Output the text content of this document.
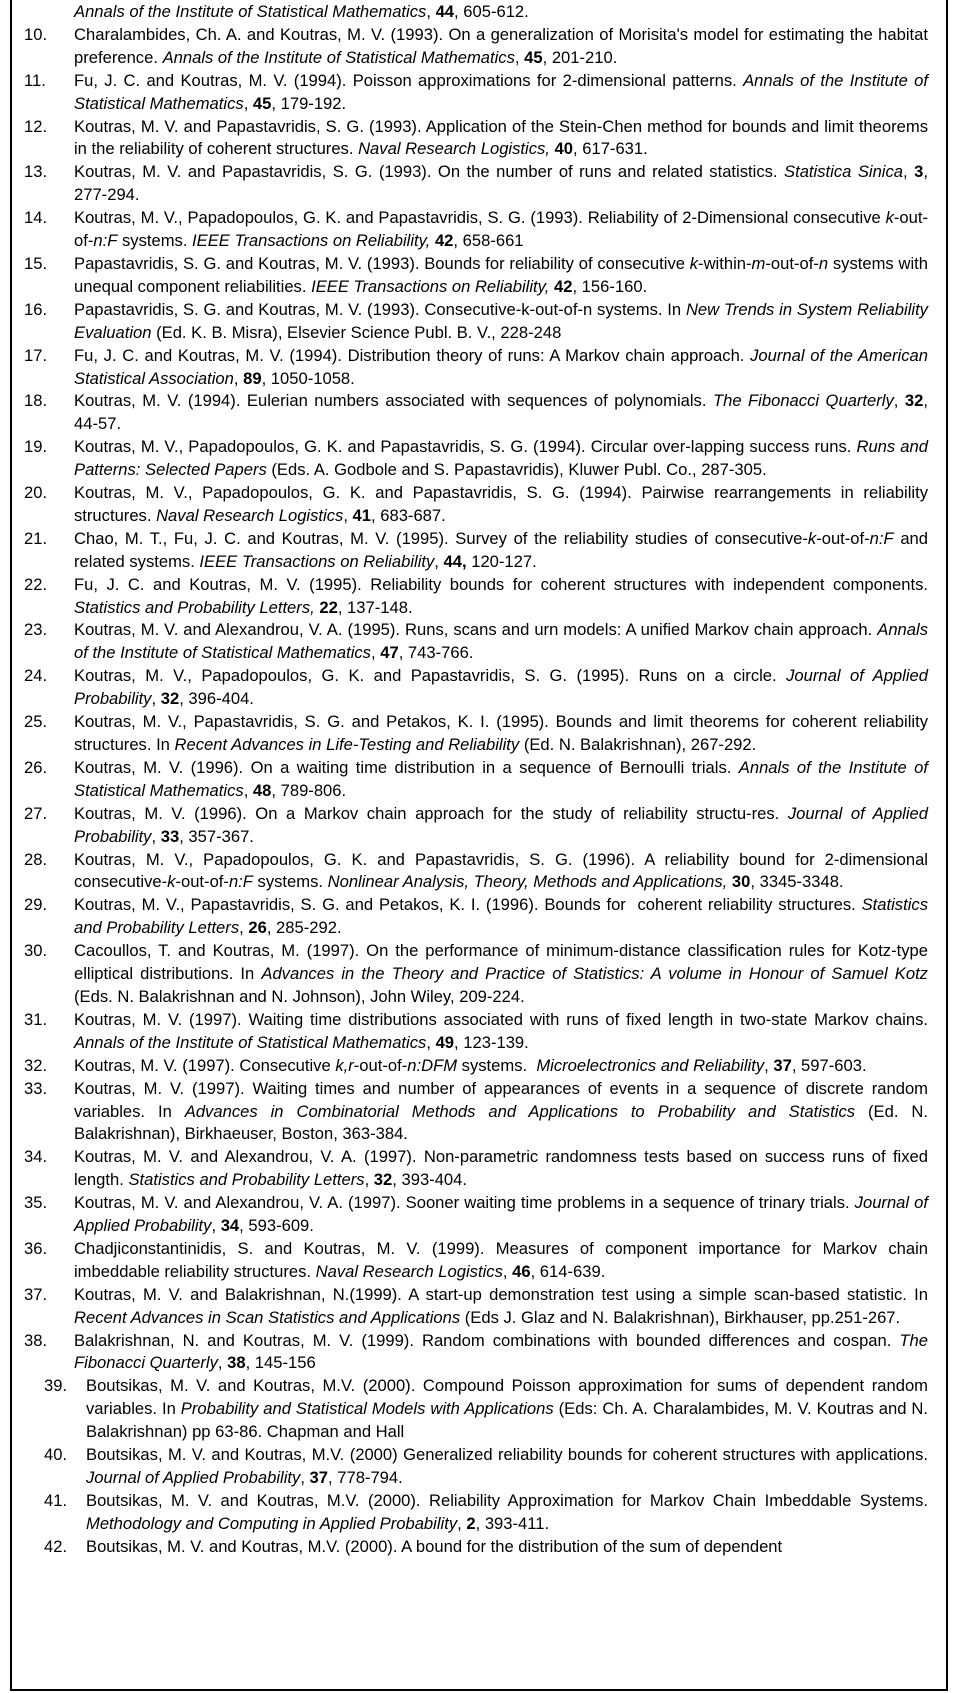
Annals of the Institute of Statistical Mathematics, 44, 605-612.

10. Charalambides, Ch. A. and Koutras, M. V. (1993). On a generalization of Morisita's model for estimating the habitat preference. Annals of the Institute of Statistical Mathematics, 45, 201-210.

11. Fu, J. C. and Koutras, M. V. (1994). Poisson approximations for 2-dimensional patterns. Annals of the Institute of Statistical Mathematics, 45, 179-192.

12. Koutras, M. V. and Papastavridis, S. G. (1993). Application of the Stein-Chen method for bounds and limit theorems in the reliability of coherent structures. Naval Research Logistics, 40, 617-631.

13. Koutras, M. V. and Papastavridis, S. G. (1993). On the number of runs and related statistics. Statistica Sinica, 3, 277-294.

14. Koutras, M. V., Papadopoulos, G. K. and Papastavridis, S. G. (1993). Reliability of 2-Dimensional consecutive k-out-of-n:F systems. IEEE Transactions on Reliability, 42, 658-661

15. Papastavridis, S. G. and Koutras, M. V. (1993). Bounds for reliability of consecutive k-within-m-out-of-n systems with unequal component reliabilities. IEEE Transactions on Reliability, 42, 156-160.

16. Papastavridis, S. G. and Koutras, M. V. (1993). Consecutive-k-out-of-n systems. In New Trends in System Reliability Evaluation (Ed. K. B. Misra), Elsevier Science Publ. B. V., 228-248

17. Fu, J. C. and Koutras, M. V. (1994). Distribution theory of runs: A Markov chain approach. Journal of the American Statistical Association, 89, 1050-1058.

18. Koutras, M. V. (1994). Eulerian numbers associated with sequences of polynomials. The Fibonacci Quarterly, 32, 44-57.

19. Koutras, M. V., Papadopoulos, G. K. and Papastavridis, S. G. (1994). Circular over-lapping success runs. Runs and Patterns: Selected Papers (Eds. A. Godbole and S. Papastavridis), Kluwer Publ. Co., 287-305.

20. Koutras, M. V., Papadopoulos, G. K. and Papastavridis, S. G. (1994). Pairwise rearrangements in reliability structures. Naval Research Logistics, 41, 683-687.

21. Chao, M. T., Fu, J. C. and Koutras, M. V. (1995). Survey of the reliability studies of consecutive-k-out-of-n:F and related systems. IEEE Transactions on Reliability, 44, 120-127.

22. Fu, J. C. and Koutras, M. V. (1995). Reliability bounds for coherent structures with independent components. Statistics and Probability Letters, 22, 137-148.

23. Koutras, M. V. and Alexandrou, V. A. (1995). Runs, scans and urn models: A unified Markov chain approach. Annals of the Institute of Statistical Mathematics, 47, 743-766.

24. Koutras, M. V., Papadopoulos, G. K. and Papastavridis, S. G. (1995). Runs on a circle. Journal of Applied Probability, 32, 396-404.

25. Koutras, M. V., Papastavridis, S. G. and Petakos, K. I. (1995). Bounds and limit theorems for coherent reliability structures. In Recent Advances in Life-Testing and Reliability (Ed. N. Balakrishnan), 267-292.

26. Koutras, M. V. (1996). On a waiting time distribution in a sequence of Bernoulli trials. Annals of the Institute of Statistical Mathematics, 48, 789-806.

27. Koutras, M. V. (1996). On a Markov chain approach for the study of reliability structu-res. Journal of Applied Probability, 33, 357-367.

28. Koutras, M. V., Papadopoulos, G. K. and Papastavridis, S. G. (1996). A reliability bound for 2-dimensional consecutive-k-out-of-n:F systems. Nonlinear Analysis, Theory, Methods and Applications, 30, 3345-3348.

29. Koutras, M. V., Papastavridis, S. G. and Petakos, K. I. (1996). Bounds for  coherent reliability structures. Statistics and Probability Letters, 26, 285-292.

30. Cacoullos, T. and Koutras, M. (1997). On the performance of minimum-distance classification rules for Kotz-type elliptical distributions. In Advances in the Theory and Practice of Statistics: A volume in Honour of Samuel Kotz (Eds. N. Balakrishnan and N. Johnson), John Wiley, 209-224.

31. Koutras, M. V. (1997). Waiting time distributions associated with runs of fixed length in two-state Markov chains. Annals of the Institute of Statistical Mathematics, 49, 123-139.

32. Koutras, M. V. (1997). Consecutive k,r-out-of-n:DFM systems.  Microelectronics and Reliability, 37, 597-603.

33. Koutras, M. V. (1997). Waiting times and number of appearances of events in a sequence of discrete random variables. In Advances in Combinatorial Methods and Applications to Probability and Statistics (Ed. N. Balakrishnan), Birkhaeuser, Boston, 363-384.

34. Koutras, M. V. and Alexandrou, V. A. (1997). Non-parametric randomness tests based on success runs of fixed length. Statistics and Probability Letters, 32, 393-404.

35. Koutras, M. V. and Alexandrou, V. A. (1997). Sooner waiting time problems in a sequence of trinary trials. Journal of Applied Probability, 34, 593-609.

36. Chadjiconstantinidis, S. and Koutras, M. V. (1999). Measures of component importance for Markov chain imbeddable reliability structures. Naval Research Logistics, 46, 614-639.

37. Koutras, M. V. and Balakrishnan, N.(1999). A start-up demonstration test using a simple scan-based statistic. In Recent Advances in Scan Statistics and Applications (Eds J. Glaz and N. Balakrishnan), Birkhauser, pp.251-267.

38. Balakrishnan, N. and Koutras, M. V. (1999). Random combinations with bounded differences and cospan. The Fibonacci Quarterly, 38, 145-156

39. Boutsikas, M. V. and Koutras, M.V. (2000). Compound Poisson approximation for sums of dependent random variables. In Probability and Statistical Models with Applications (Eds: Ch. A. Charalambides, M. V. Koutras and N. Balakrishnan) pp 63-86. Chapman and Hall

40. Boutsikas, M. V. and Koutras, M.V. (2000) Generalized reliability bounds for coherent structures with applications. Journal of Applied Probability, 37, 778-794.

41. Boutsikas, M. V. and Koutras, M.V. (2000). Reliability Approximation for Markov Chain Imbeddable Systems. Methodology and Computing in Applied Probability, 2, 393-411.

42. Boutsikas, M. V. and Koutras, M.V. (2000). A bound for the distribution of the sum of dependent
